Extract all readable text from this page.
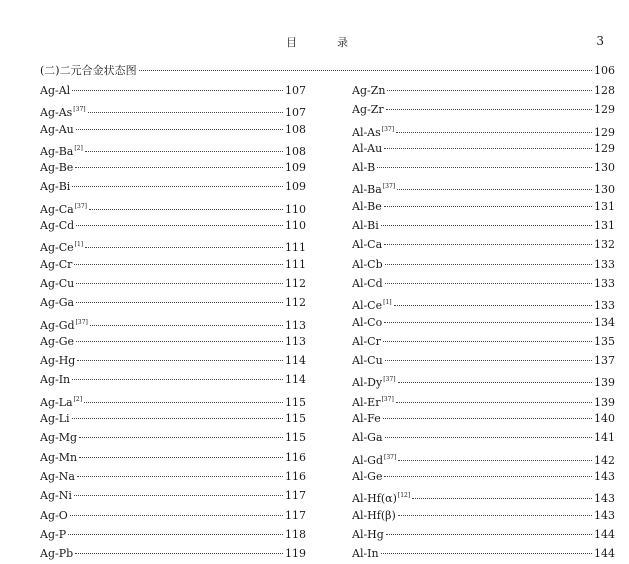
目录	3
(二)二元合金状态图	106
Ag-Al	107
Ag-As[37]	107
Ag-Au	108
Ag-Ba[2]	108
Ag-Be	109
Ag-Bi	109
Ag-Ca[37]	110
Ag-Cd	110
Ag-Ce[1]	111
Ag-Cr	111
Ag-Cu	112
Ag-Ga	112
Ag-Gd[37]	113
Ag-Ge	113
Ag-Hg	114
Ag-In	114
Ag-La[2]	115
Ag-Li	115
Ag-Mg	115
Ag-Mn	116
Ag-Na	116
Ag-Ni	117
Ag-O	117
Ag-P	118
Ag-Pb	119
Ag-Zn	128
Ag-Zr	129
Al-As[37]	129
Al-Au	129
Al-B	130
Al-Ba[37]	130
Al-Be	131
Al-Bi	131
Al-Ca	132
Al-Cb	133
Al-Cd	133
Al-Ce[1]	133
Al-Co	134
Al-Cr	135
Al-Cu	137
Al-Dy[37]	139
Al-Er[37]	139
Al-Fe	140
Al-Ga	141
Al-Gd[37]	142
Al-Ge	143
Al-Hf(α)[12]	143
Al-Hf(β)	143
Al-Hg	144
Al-In	144
